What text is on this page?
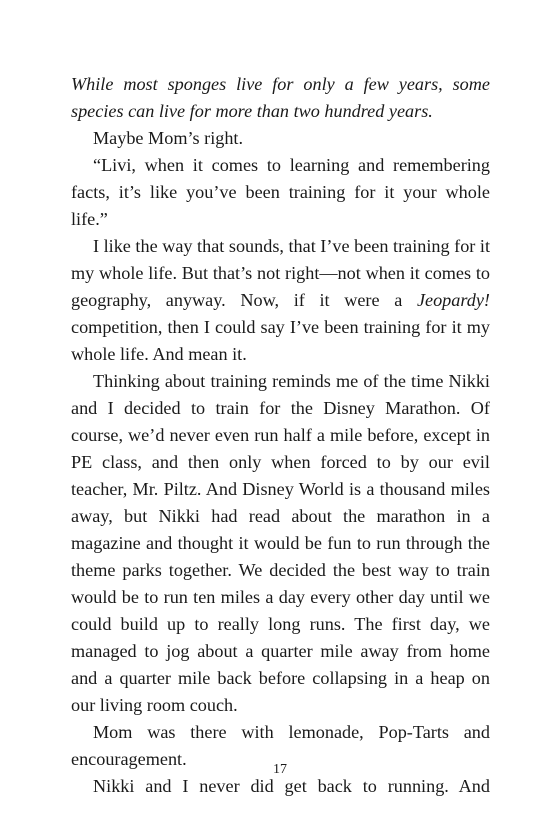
While most sponges live for only a few years, some species can live for more than two hundred years.

Maybe Mom’s right.

“Livi, when it comes to learning and remembering facts, it’s like you’ve been training for it your whole life.”

I like the way that sounds, that I’ve been training for it my whole life. But that’s not right—not when it comes to geography, anyway. Now, if it were a Jeopardy! competition, then I could say I’ve been training for it my whole life. And mean it.

Thinking about training reminds me of the time Nikki and I decided to train for the Disney Marathon. Of course, we’d never even run half a mile before, except in PE class, and then only when forced to by our evil teacher, Mr. Piltz. And Disney World is a thousand miles away, but Nikki had read about the marathon in a magazine and thought it would be fun to run through the theme parks together. We decided the best way to train would be to run ten miles a day every other day until we could build up to really long runs. The first day, we managed to jog about a quarter mile away from home and a quarter mile back before collapsing in a heap on our living room couch.

Mom was there with lemonade, Pop-Tarts and encouragement.

Nikki and I never did get back to running. And

17
